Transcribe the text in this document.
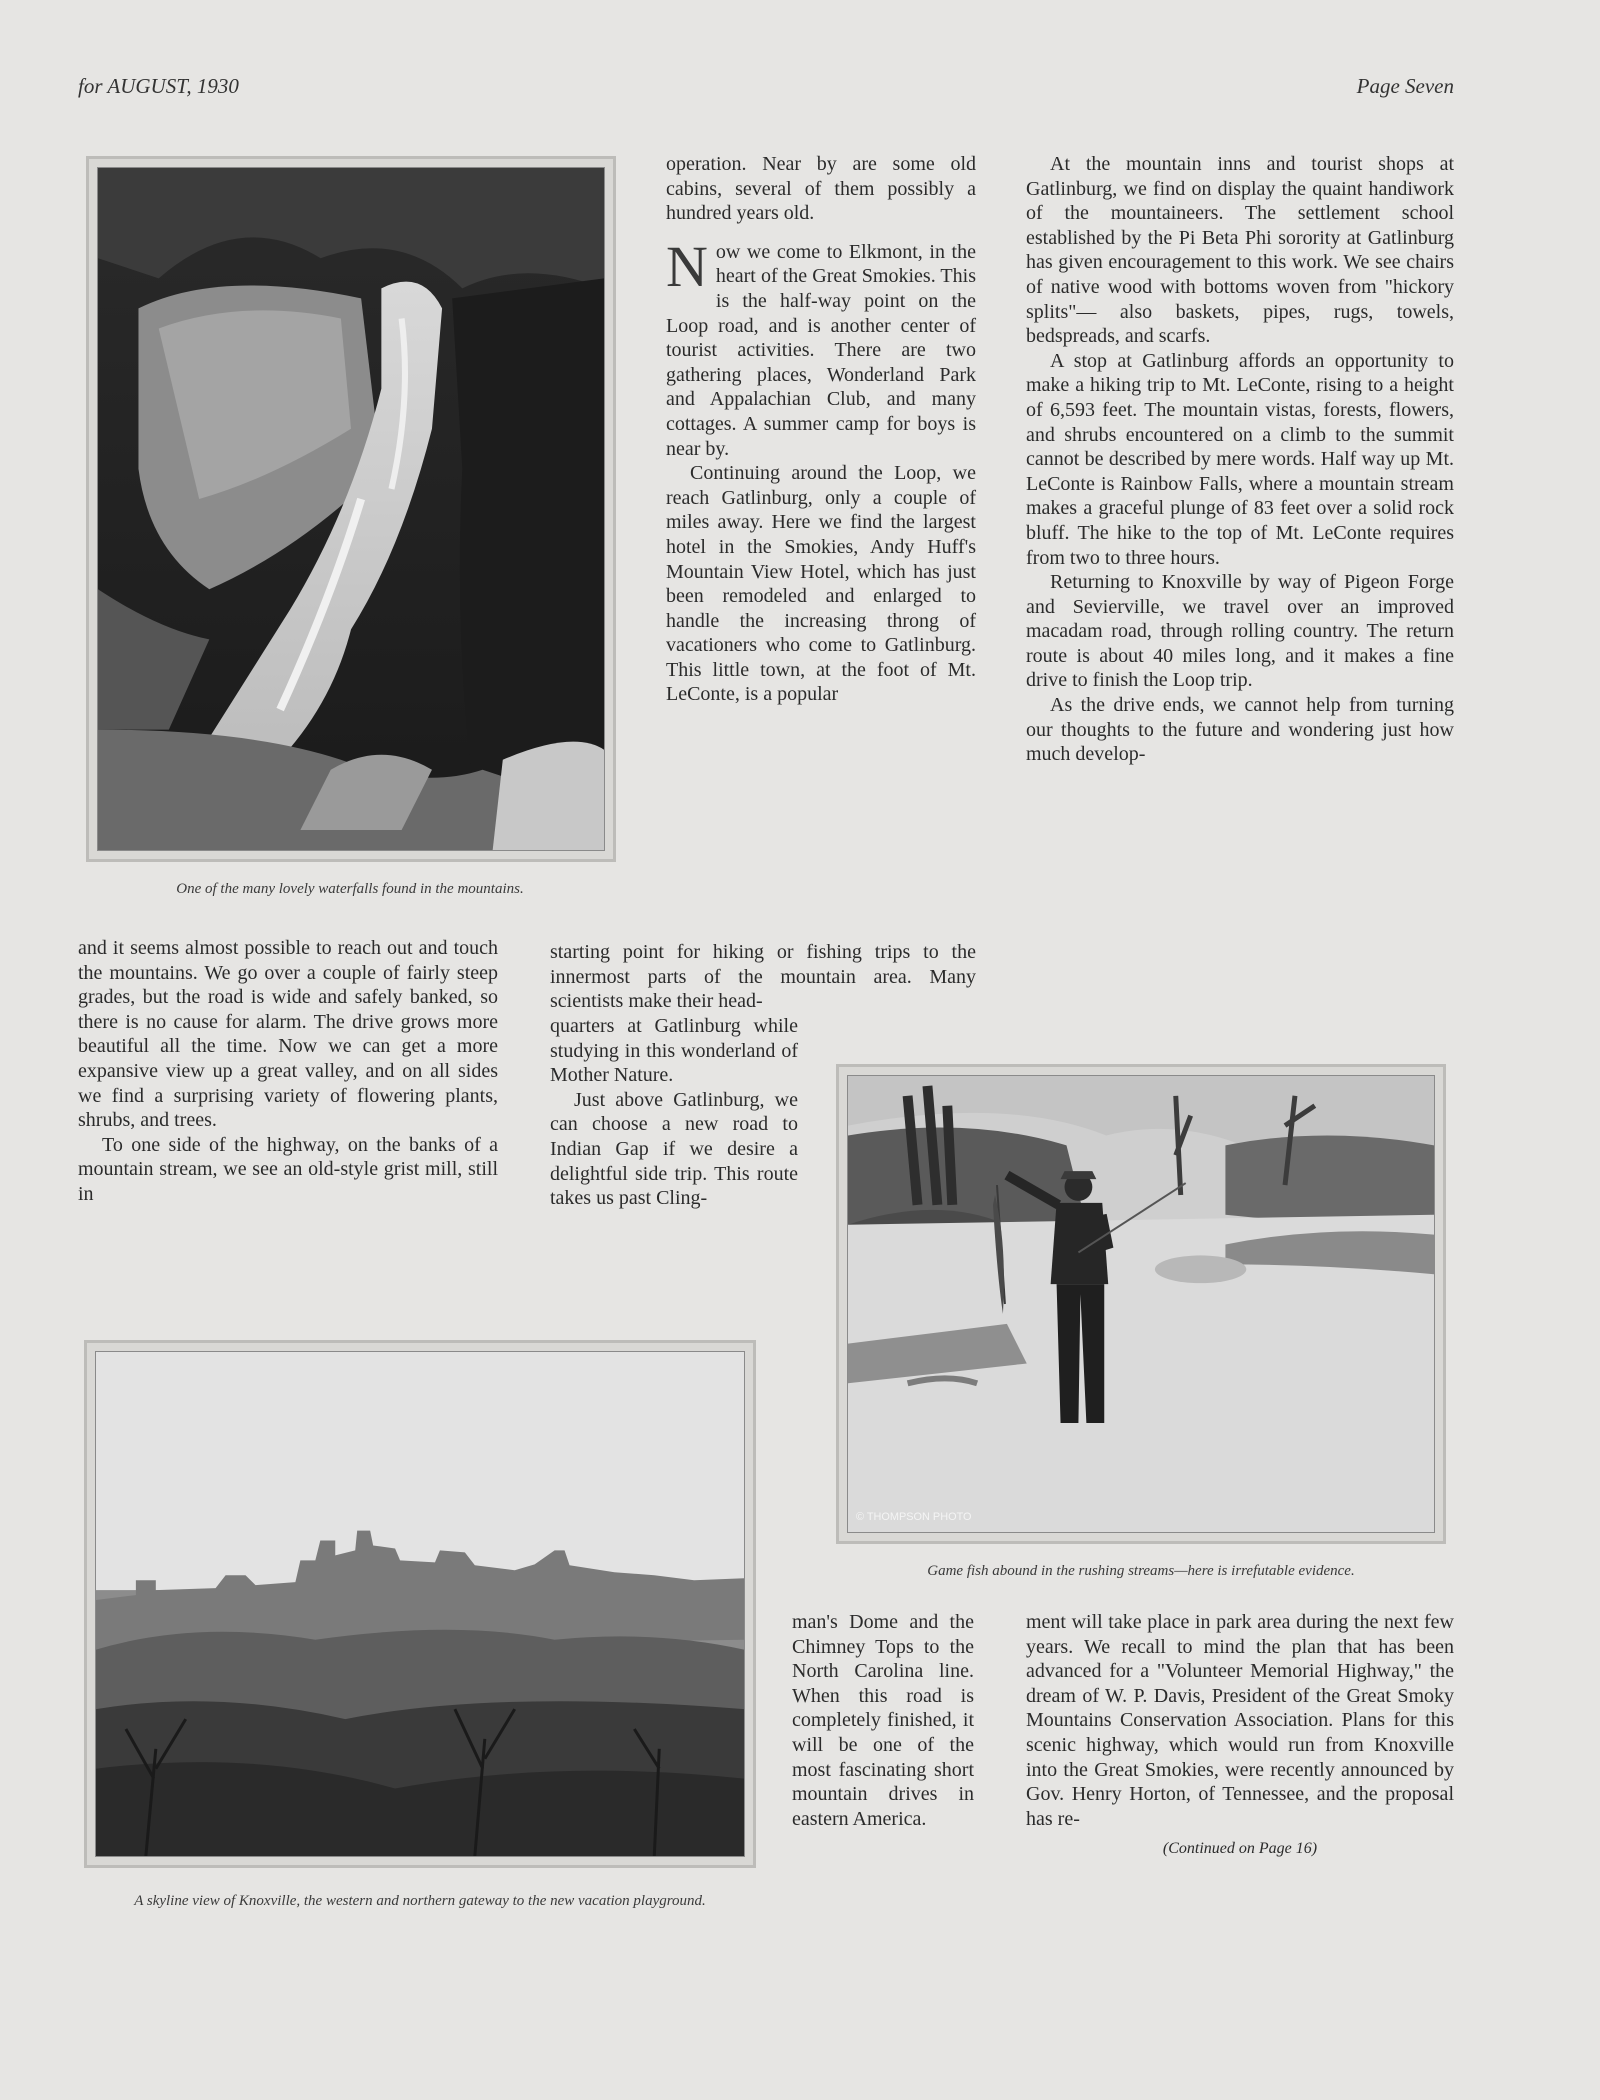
for AUGUST, 1930	Page Seven
One of the many lovely waterfalls found in the mountains.

and it seems almost possible to reach out and touch the mountains. We go over a couple of fairly steep grades, but the road is wide and safely banked, so there is no cause for alarm. The drive grows more beautiful all the time. Now we can get a more expansive view up a great valley, and on all sides we find a surprising variety of flowering plants, shrubs, and trees.

To one side of the highway, on the banks of a mountain stream, we see an old-style grist mill, still in

operation. Near by are some old cabins, several of them possibly a hundred years old.

Now we come to Elkmont, in the heart of the Great Smokies. This is the half-way point on the Loop road, and is another center of tourist activities. There are two gathering places, Wonderland Park and Appalachian Club, and many cottages. A summer camp for boys is near by.

Continuing around the Loop, we reach Gatlinburg, only a couple of miles away. Here we find the largest hotel in the Smokies, Andy Huff's Mountain View Hotel, which has just been remodeled and enlarged to handle the increasing throng of vacationers who come to Gatlinburg. This little town, at the foot of Mt. LeConte, is a popular

starting point for hiking or fishing trips to the innermost parts of the mountain area. Many scientists make their head-

quarters at Gatlinburg while studying in this wonderland of Mother Nature.

Just above Gatlinburg, we can choose a new road to Indian Gap if we desire a delightful side trip. This route takes us past Cling-

At the mountain inns and tourist shops at Gatlinburg, we find on display the quaint handiwork of the mountaineers. The settlement school established by the Pi Beta Phi sorority at Gatlinburg has given encouragement to this work. We see chairs of native wood with bottoms woven from "hickory splits"— also baskets, pipes, rugs, towels, bedspreads, and scarfs.

A stop at Gatlinburg affords an opportunity to make a hiking trip to Mt. LeConte, rising to a height of 6,593 feet. The mountain vistas, forests, flowers, and shrubs encountered on a climb to the summit cannot be described by mere words. Half way up Mt. LeConte is Rainbow Falls, where a mountain stream makes a graceful plunge of 83 feet over a solid rock bluff. The hike to the top of Mt. LeConte requires from two to three hours.

Returning to Knoxville by way of Pigeon Forge and Sevierville, we travel over an improved macadam road, through rolling country. The return route is about 40 miles long, and it makes a fine drive to finish the Loop trip.

As the drive ends, we cannot help from turning our thoughts to the future and wondering just how much develop-

© THOMPSON PHOTO
Game fish abound in the rushing streams—here is irrefutable evidence.
A skyline view of Knoxville, the western and northern gateway to the new vacation playground.

man's Dome and the Chimney Tops to the North Carolina line. When this road is completely finished, it will be one of the most fascinating short mountain drives in eastern America.

ment will take place in park area during the next few years. We recall to mind the plan that has been advanced for a "Volunteer Memorial Highway," the dream of W. P. Davis, President of the Great Smoky Mountains Conservation Association. Plans for this scenic highway, which would run from Knoxville into the Great Smokies, were recently announced by Gov. Henry Horton, of Tennessee, and the proposal has re-

(Continued on Page 16)
